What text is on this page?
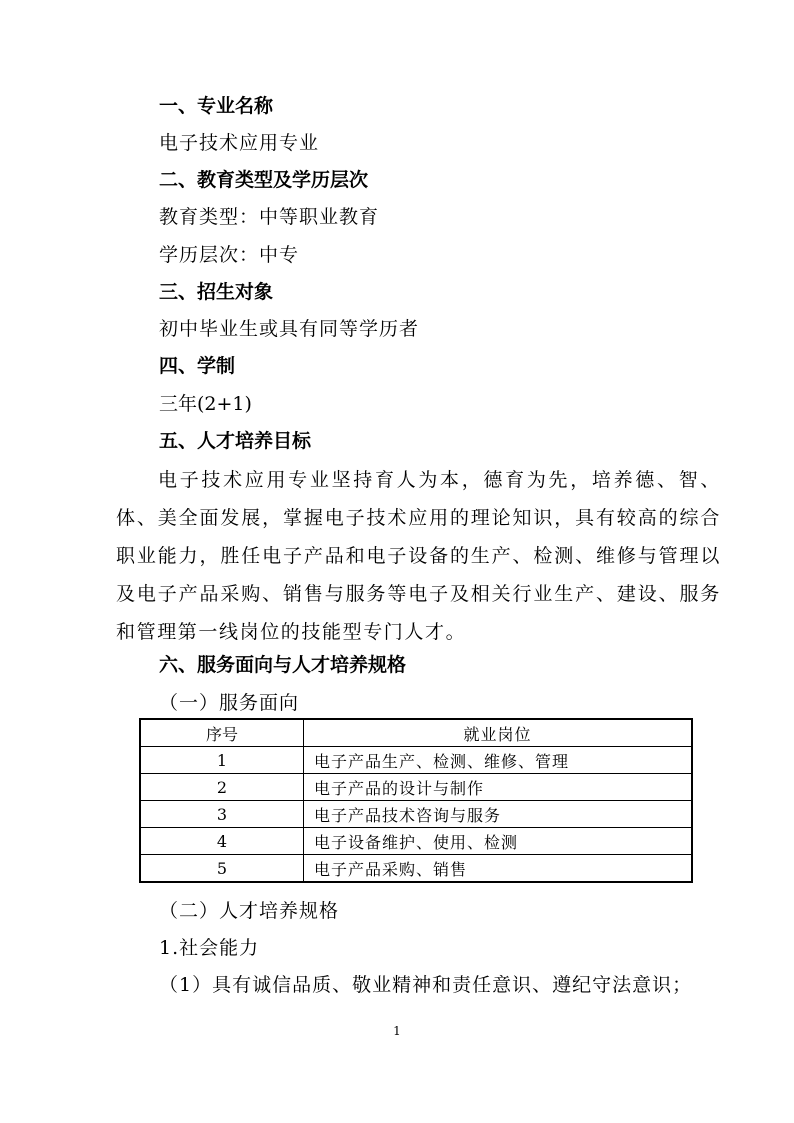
一、专业名称
电子技术应用专业
二、教育类型及学历层次
教育类型：中等职业教育
学历层次：中专
三、招生对象
初中毕业生或具有同等学历者
四、学制
三年(2+1)
五、人才培养目标
电子技术应用专业坚持育人为本，德育为先，培养德、智、体、美全面发展，掌握电子技术应用的理论知识，具有较高的综合职业能力，胜任电子产品和电子设备的生产、检测、维修与管理以及电子产品采购、销售与服务等电子及相关行业生产、建设、服务和管理第一线岗位的技能型专门人才。
六、服务面向与人才培养规格
（一）服务面向
序号	就业岗位
1	电子产品生产、检测、维修、管理
2	电子产品的设计与制作
3	电子产品技术咨询与服务
4	电子设备维护、使用、检测
5	电子产品采购、销售
（二）人才培养规格
1.社会能力
（1）具有诚信品质、敬业精神和责任意识、遵纪守法意识；
1
